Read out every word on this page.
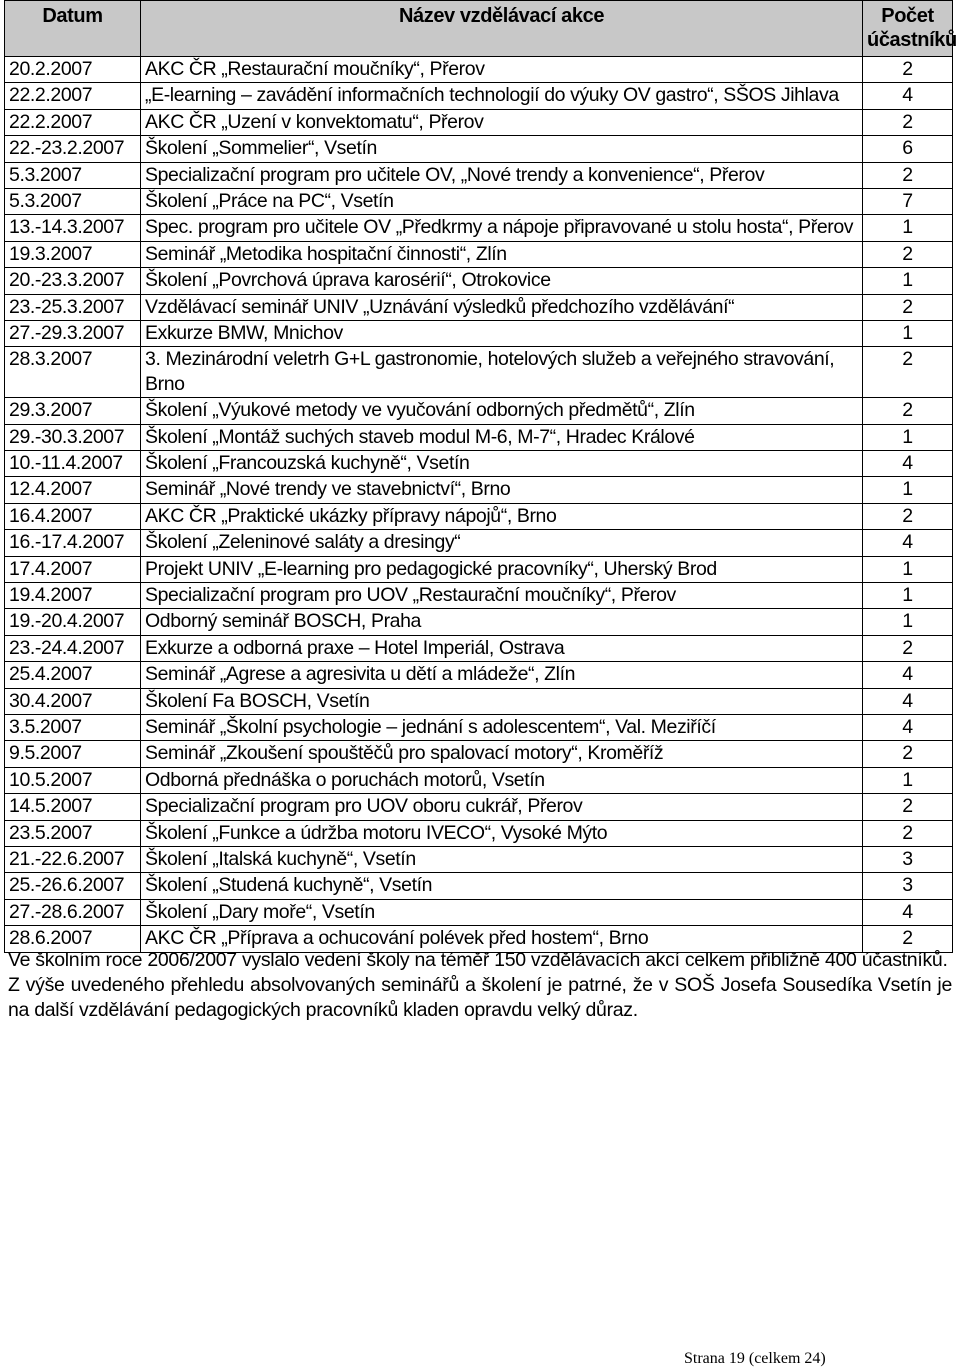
Datum	Název vzdělávací akce	Počet
účastníků
20.2.2007	AKC ČR „Restaurační moučníky“, Přerov	2
22.2.2007	„E-learning – zavádění informačních technologií do výuky OV gastro“, SŠOS Jihlava	4
22.2.2007	AKC ČR „Uzení v konvektomatu“, Přerov	2
22.-23.2.2007	Školení „Sommelier“, Vsetín	6
5.3.2007	Specializační program pro učitele OV, „Nové trendy a konvenience“, Přerov	2
5.3.2007	Školení „Práce na PC“, Vsetín	7
13.-14.3.2007	Spec. program pro učitele OV „Předkrmy a nápoje připravované u stolu hosta“, Přerov	1
19.3.2007	Seminář „Metodika hospitační činnosti“, Zlín	2
20.-23.3.2007	Školení „Povrchová úprava karosérií“, Otrokovice	1
23.-25.3.2007	Vzdělávací seminář UNIV „Uznávání výsledků předchozího vzdělávání“	2
27.-29.3.2007	Exkurze BMW, Mnichov	1
28.3.2007	3. Mezinárodní veletrh G+L gastronomie, hotelových služeb a veřejného stravování, Brno	2
29.3.2007	Školení „Výukové metody ve vyučování odborných předmětů“, Zlín	2
29.-30.3.2007	Školení „Montáž suchých staveb modul M-6, M-7“, Hradec Králové	1
10.-11.4.2007	Školení „Francouzská kuchyně“, Vsetín	4
12.4.2007	Seminář „Nové trendy ve stavebnictví“, Brno	1
16.4.2007	AKC ČR „Praktické ukázky přípravy nápojů“, Brno	2
16.-17.4.2007	Školení „Zeleninové saláty a dresingy“	4
17.4.2007	Projekt UNIV „E-learning pro pedagogické pracovníky“, Uherský Brod	1
19.4.2007	Specializační program pro UOV „Restaurační moučníky“, Přerov	1
19.-20.4.2007	Odborný seminář BOSCH, Praha	1
23.-24.4.2007	Exkurze a odborná praxe – Hotel Imperiál, Ostrava	2
25.4.2007	Seminář „Agrese a agresivita u dětí a mládeže“, Zlín	4
30.4.2007	Školení Fa BOSCH, Vsetín	4
3.5.2007	Seminář „Školní psychologie – jednání s adolescentem“, Val. Meziříčí	4
9.5.2007	Seminář „Zkoušení spouštěčů pro spalovací motory“, Kroměříž	2
10.5.2007	Odborná přednáška o poruchách motorů, Vsetín	1
14.5.2007	Specializační program pro UOV oboru cukrář, Přerov	2
23.5.2007	Školení „Funkce a údržba motoru IVECO“, Vysoké Mýto	2
21.-22.6.2007	Školení „Italská kuchyně“, Vsetín	3
25.-26.6.2007	Školení „Studená kuchyně“, Vsetín	3
27.-28.6.2007	Školení „Dary moře“, Vsetín	4
28.6.2007	AKC ČR „Příprava a ochucování polévek před hostem“, Brno	2

Ve školním roce 2006/2007 vyslalo vedení školy na téměř 150 vzdělávacích akcí celkem přibližně 400 účastníků.

Z výše uvedeného přehledu absolvovaných seminářů a školení je patrné, že v SOŠ Josefa Sousedíka Vsetín je na další vzdělávání pedagogických pracovníků kladen opravdu velký důraz.

Strana 19 (celkem 24)
